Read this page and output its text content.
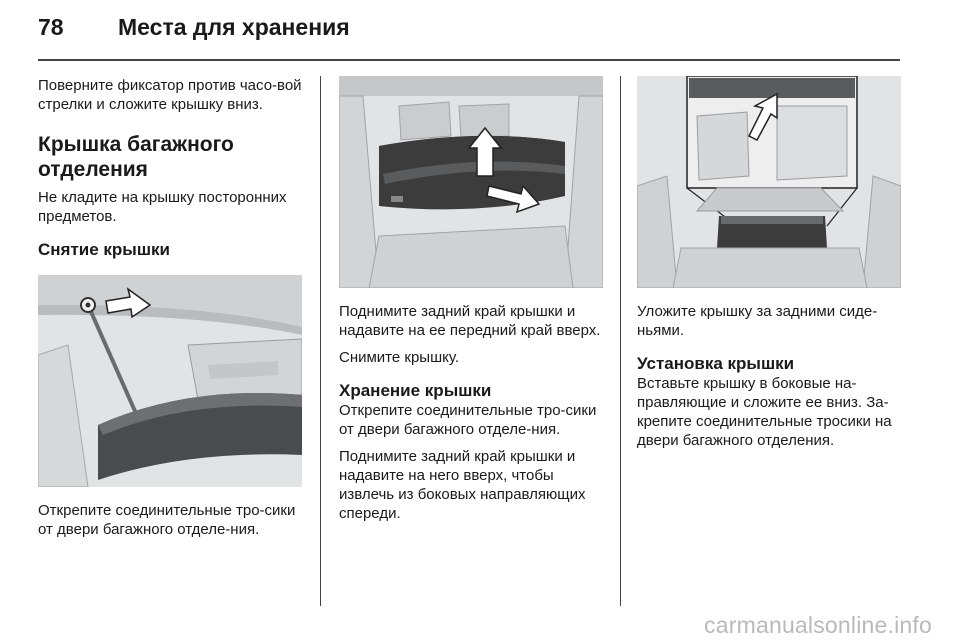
78 Места для хранения

Поверните фиксатор против часо-вой стрелки и сложите крышку вниз.

Крышка багажного отделения

Не кладите на крышку посторонних предметов.

Снятие крышки

Открепите соединительные тро-сики от двери багажного отделе-ния.

Поднимите задний край крышки и надавите на ее передний край вверх.

Снимите крышку.

Хранение крышки

Открепите соединительные тро-сики от двери багажного отделе-ния.

Поднимите задний край крышки и надавите на него вверх, чтобы извлечь из боковых направляющих спереди.

Уложите крышку за задними сиде-ньями.

Установка крышки

Вставьте крышку в боковые на-правляющие и сложите ее вниз. За-крепите соединительные тросики на двери багажного отделения.

carmanualsonline.info
